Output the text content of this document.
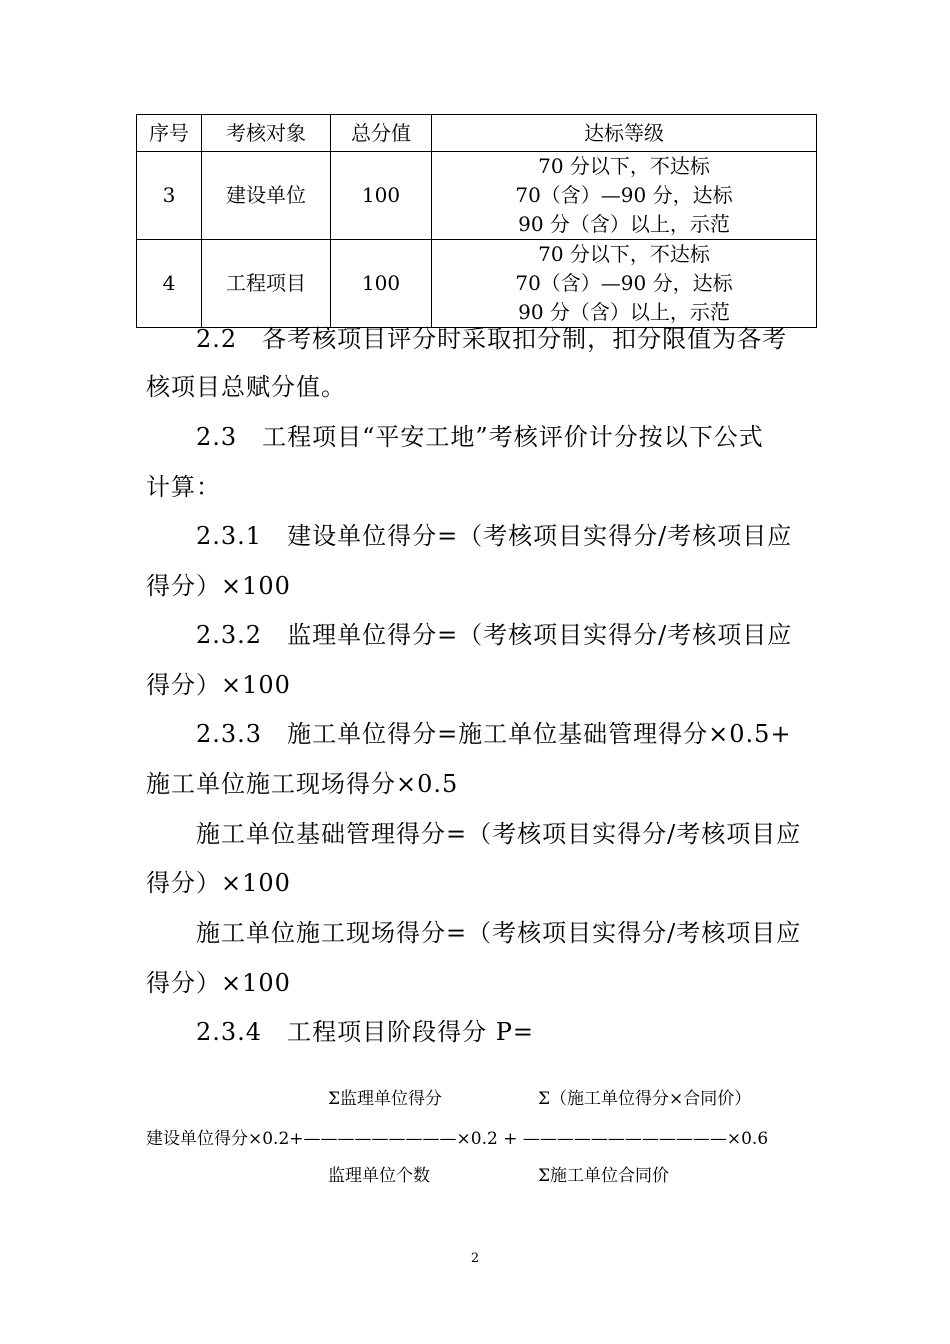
序号	考核对象	总分值	达标等级
3	建设单位	100	70 分以下，不达标
70（含）—90 分，达标
90 分（含）以上，示范

4	工程项目	100	70 分以下，不达标
70（含）—90 分，达标
90 分（含）以上，示范
2.2　各考核项目评分时采取扣分制，扣分限值为各考
核项目总赋分值。
2.3　工程项目“平安工地”考核评价计分按以下公式
计算：
2.3.1　建设单位得分=（考核项目实得分/考核项目应
得分）×100
2.3.2　监理单位得分=（考核项目实得分/考核项目应
得分）×100
2.3.3　施工单位得分=施工单位基础管理得分×0.5+
施工单位施工现场得分×0.5
施工单位基础管理得分=（考核项目实得分/考核项目应
得分）×100
施工单位施工现场得分=（考核项目实得分/考核项目应
得分）×100
2.3.4　工程项目阶段得分 P=
Σ监理单位得分	Σ（施工单位得分×合同价）
建设单位得分×0.2+—————————×0.2 + ————————————×0.6
监理单位个数	Σ施工单位合同价
2
